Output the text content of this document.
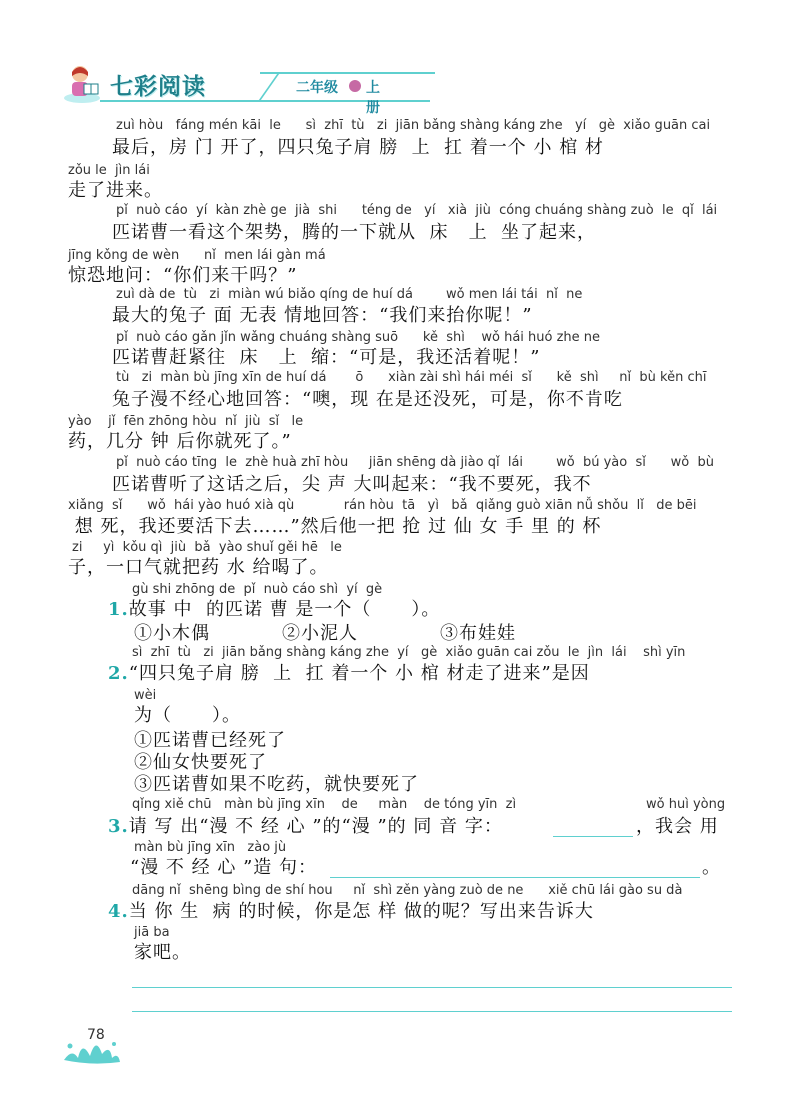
七彩阅读	二年级 上册
zuì hòu   fáng mén kāi  le      sì  zhī  tù   zi  jiān bǎng shàng káng zhe   yí   gè  xiǎo guān cai
最后，房 门 开了，四只兔子肩 膀  上  扛 着一个 小 棺 材
zǒu le  jìn lái
走了进来。
pǐ  nuò cáo  yí  kàn zhè ge  jià  shi      téng de   yí   xià  jiù  cóng chuáng shàng zuò  le  qǐ  lái
匹诺曹一看这个架势，腾的一下就从  床   上  坐了起来，
jīng kǒng de wèn      nǐ  men lái gàn má
惊恐地问：“你们来干吗？”
zuì dà de  tù   zi  miàn wú biǎo qíng de huí dá        wǒ men lái tái  nǐ  ne
最大的兔子 面 无表 情地回答：“我们来抬你呢！”
pǐ  nuò cáo gǎn jǐn wǎng chuáng shàng suō      kě  shì    wǒ hái huó zhe ne
匹诺曹赶紧往  床   上  缩：“可是，我还活着呢！”
tù   zi  màn bù jīng xīn de huí dá       ō      xiàn zài shì hái méi  sǐ      kě  shì     nǐ  bù kěn chī
兔子漫不经心地回答：“噢，现 在是还没死，可是，你不肯吃
yào    jǐ  fēn zhōng hòu  nǐ  jiù  sǐ   le
药，几分 钟 后你就死了。”
pǐ  nuò cáo tīng  le  zhè huà zhī hòu     jiān shēng dà jiào qǐ  lái        wǒ  bú yào  sǐ      wǒ  bù
匹诺曹听了这话之后，尖 声 大叫起来：“我不要死，我不
xiǎng  sǐ      wǒ  hái yào huó xià qù            rán hòu  tā   yì   bǎ  qiǎng guò xiān nǚ shǒu  lǐ   de bēi
想 死，我还要活下去……”然后他一把 抢 过 仙 女 手 里 的 杯
zi     yì  kǒu qì  jiù  bǎ  yào shuǐ gěi hē   le
子，一口气就把药 水 给喝了。
gù shi zhōng de  pǐ  nuò cáo shì  yí  gè
1.故事 中  的匹诺 曹 是一个（ ）。
①小木偶	②小泥人	③布娃娃
sì  zhī  tù   zi  jiān bǎng shàng káng zhe  yí   gè  xiǎo guān cai zǒu  le  jìn  lái    shì yīn
2.“四只兔子肩 膀  上  扛 着一个 小 棺 材走了进来”是因
wèi
为（ ）。
①匹诺曹已经死了
②仙女快要死了
③匹诺曹如果不吃药，就快要死了
qǐng xiě chū   màn bù jīng xīn    de     màn    de tóng yīn  zì	wǒ huì yòng
3.请 写 出“漫 不 经 心 ”的“漫 ”的 同 音 字：	，我会 用
màn bù jīng xīn   zào jù
“漫 不 经 心 ”造 句：	。
dāng nǐ  shēng bìng de shí hou     nǐ  shì zěn yàng zuò de ne      xiě chū lái gào su dà
4.当 你 生  病 的时候，你是怎 样 做的呢？写出来告诉大
jiā ba
家吧。
78
